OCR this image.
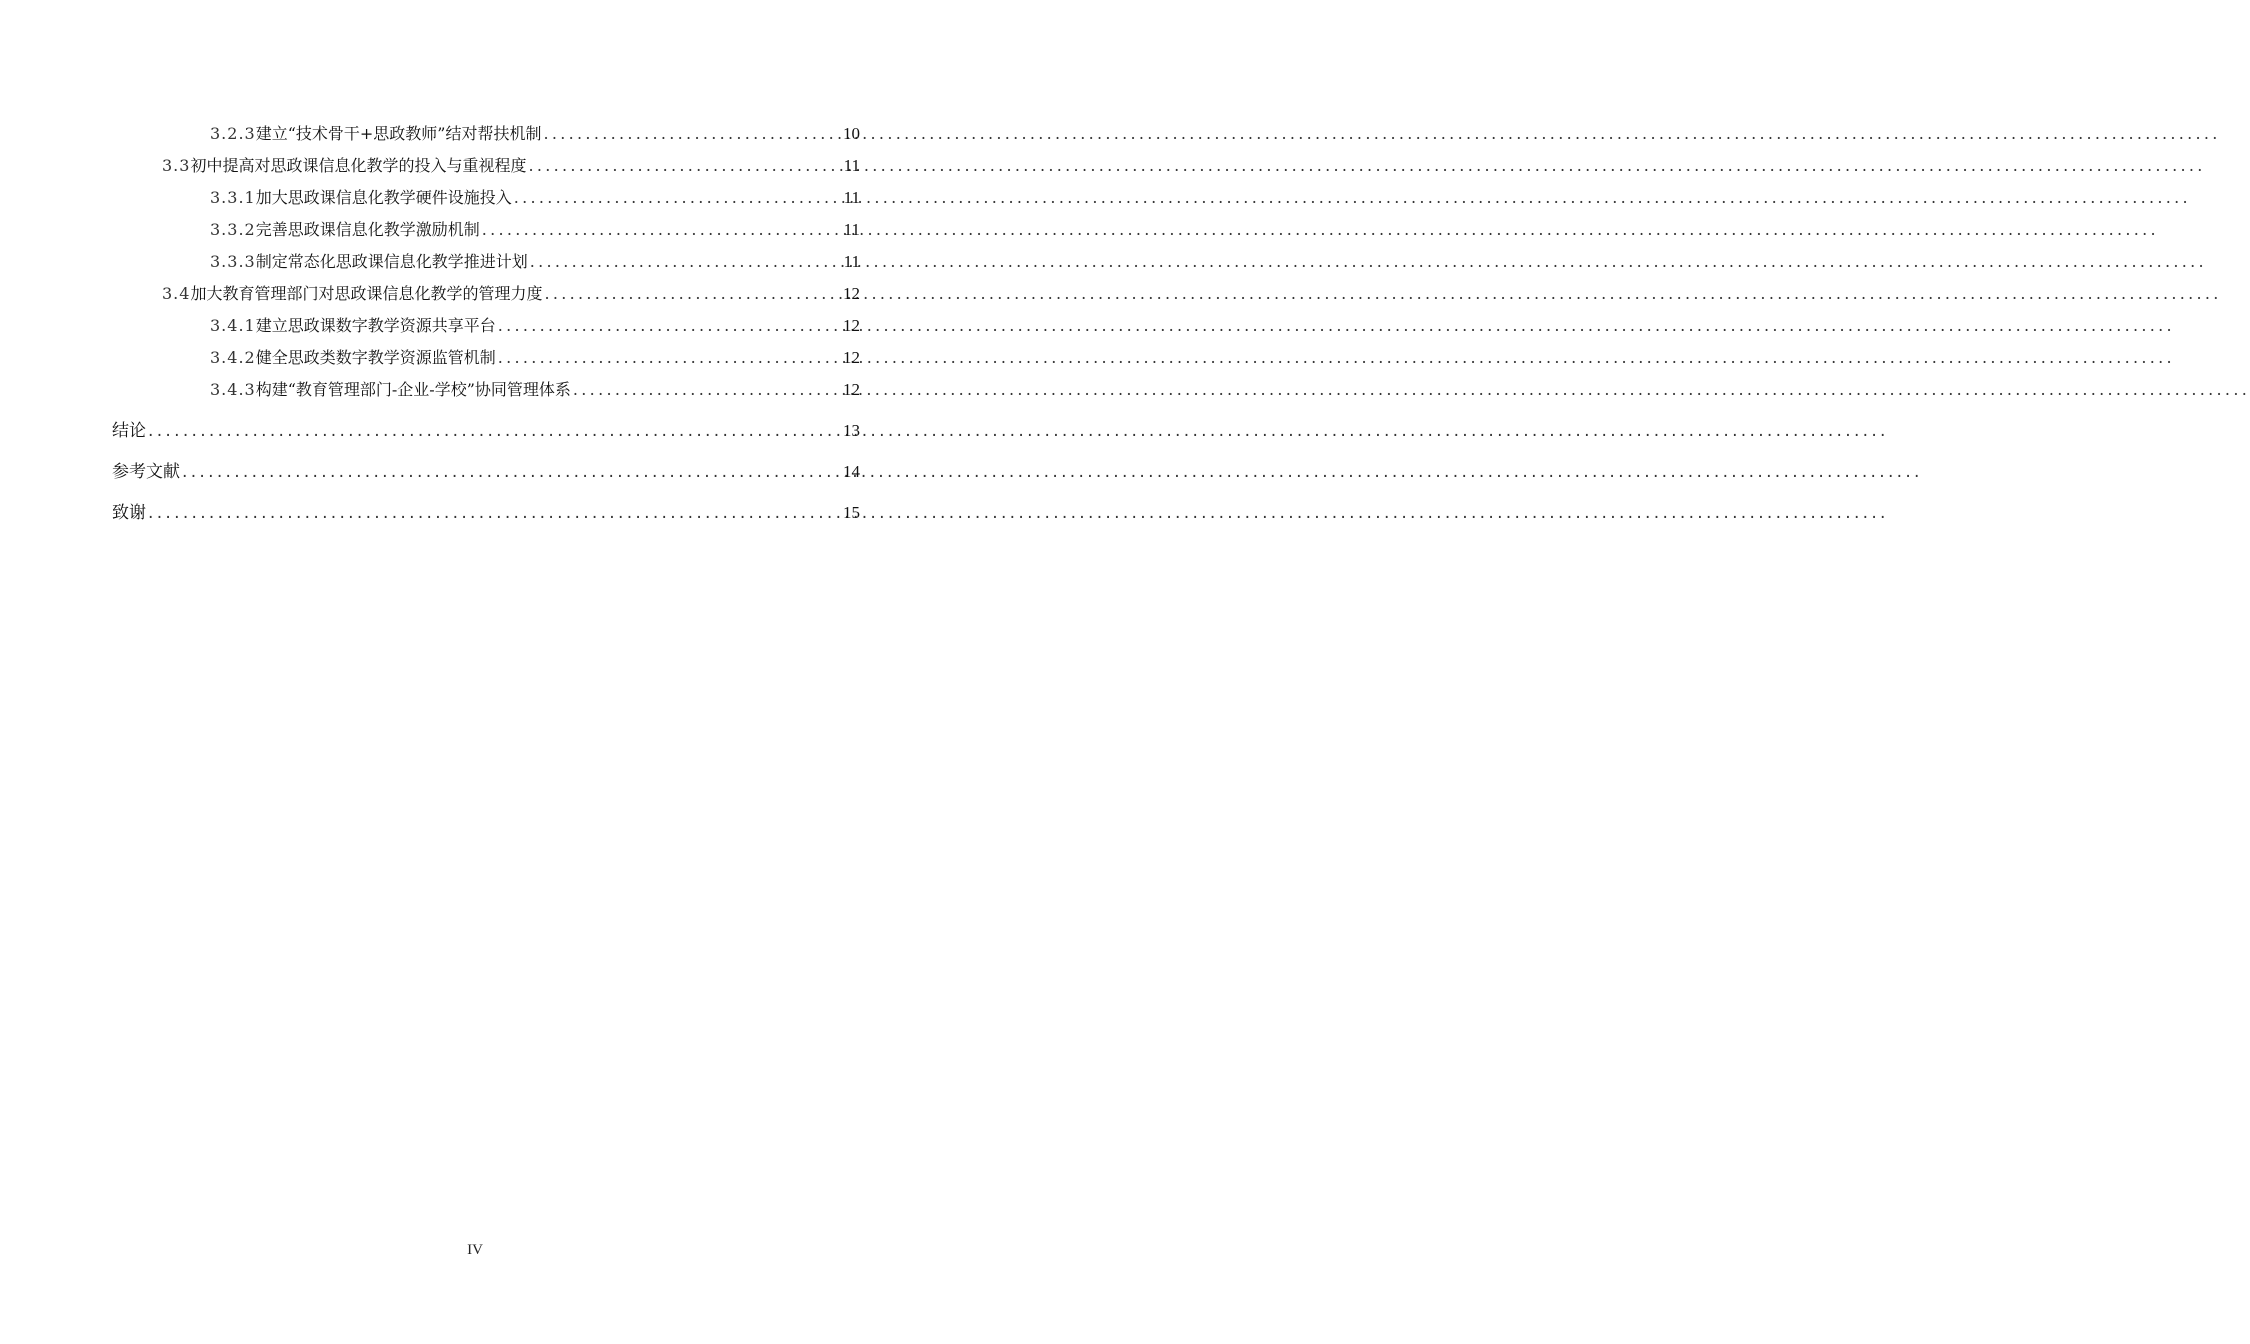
3.2.3 建立“技术骨干+思政教师”结对帮扶机制 .....	10
3.3 初中提高对思政课信息化教学的投入与重视程度 .....	11
3.3.1 加大思政课信息化教学硬件设施投入 .....	11
3.3.2 完善思政课信息化教学激励机制 .....	11
3.3.3 制定常态化思政课信息化教学推进计划 .....	11
3.4 加大教育管理部门对思政课信息化教学的管理力度 .....	12
3.4.1 建立思政课数字教学资源共享平台 .....	12
3.4.2 健全思政类数字教学资源监管机制 .....	12
3.4.3 构建“教育管理部门-企业-学校”协同管理体系 .....	12
结论 .....	13
参考文献 .....	14
致谢 .....	15
IV
